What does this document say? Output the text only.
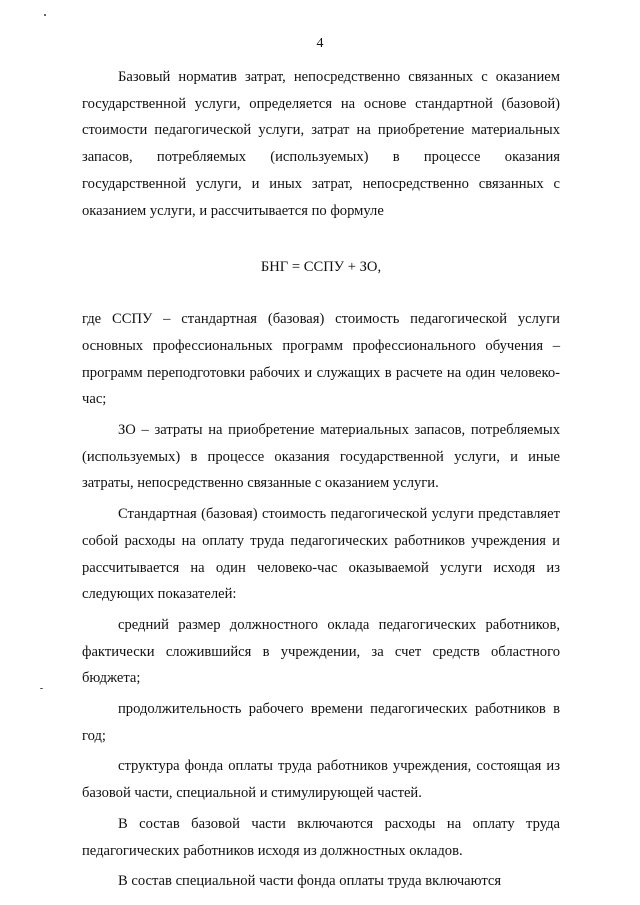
4

Базовый норматив затрат, непосредственно связанных с оказанием государственной услуги, определяется на основе стандартной (базовой) стоимости педагогической услуги, затрат на приобретение материальных запасов, потребляемых (используемых) в процессе оказания государственной услуги, и иных затрат, непосредственно связанных с оказанием услуги, и рассчитывается по формуле

БНГ = ССПУ + ЗО,

где ССПУ – стандартная (базовая) стоимость педагогической услуги основных профессиональных программ профессионального обучения – программ переподготовки рабочих и служащих в расчете на один человеко-час;

ЗО – затраты на приобретение материальных запасов, потребляемых (используемых) в процессе оказания государственной услуги, и иные затраты, непосредственно связанные с оказанием услуги.

Стандартная (базовая) стоимость педагогической услуги представляет собой расходы на оплату труда педагогических работников учреждения и рассчитывается на один человеко-час оказываемой услуги исходя из следующих показателей:

средний размер должностного оклада педагогических работников, фактически сложившийся в учреждении, за счет средств областного бюджета;

продолжительность рабочего времени педагогических работников в год;

структура фонда оплаты труда работников учреждения, состоящая из базовой части, специальной и стимулирующей частей.

В состав базовой части включаются расходы на оплату труда педагогических работников исходя из должностных окладов.

В состав специальной части фонда оплаты труда включаются
